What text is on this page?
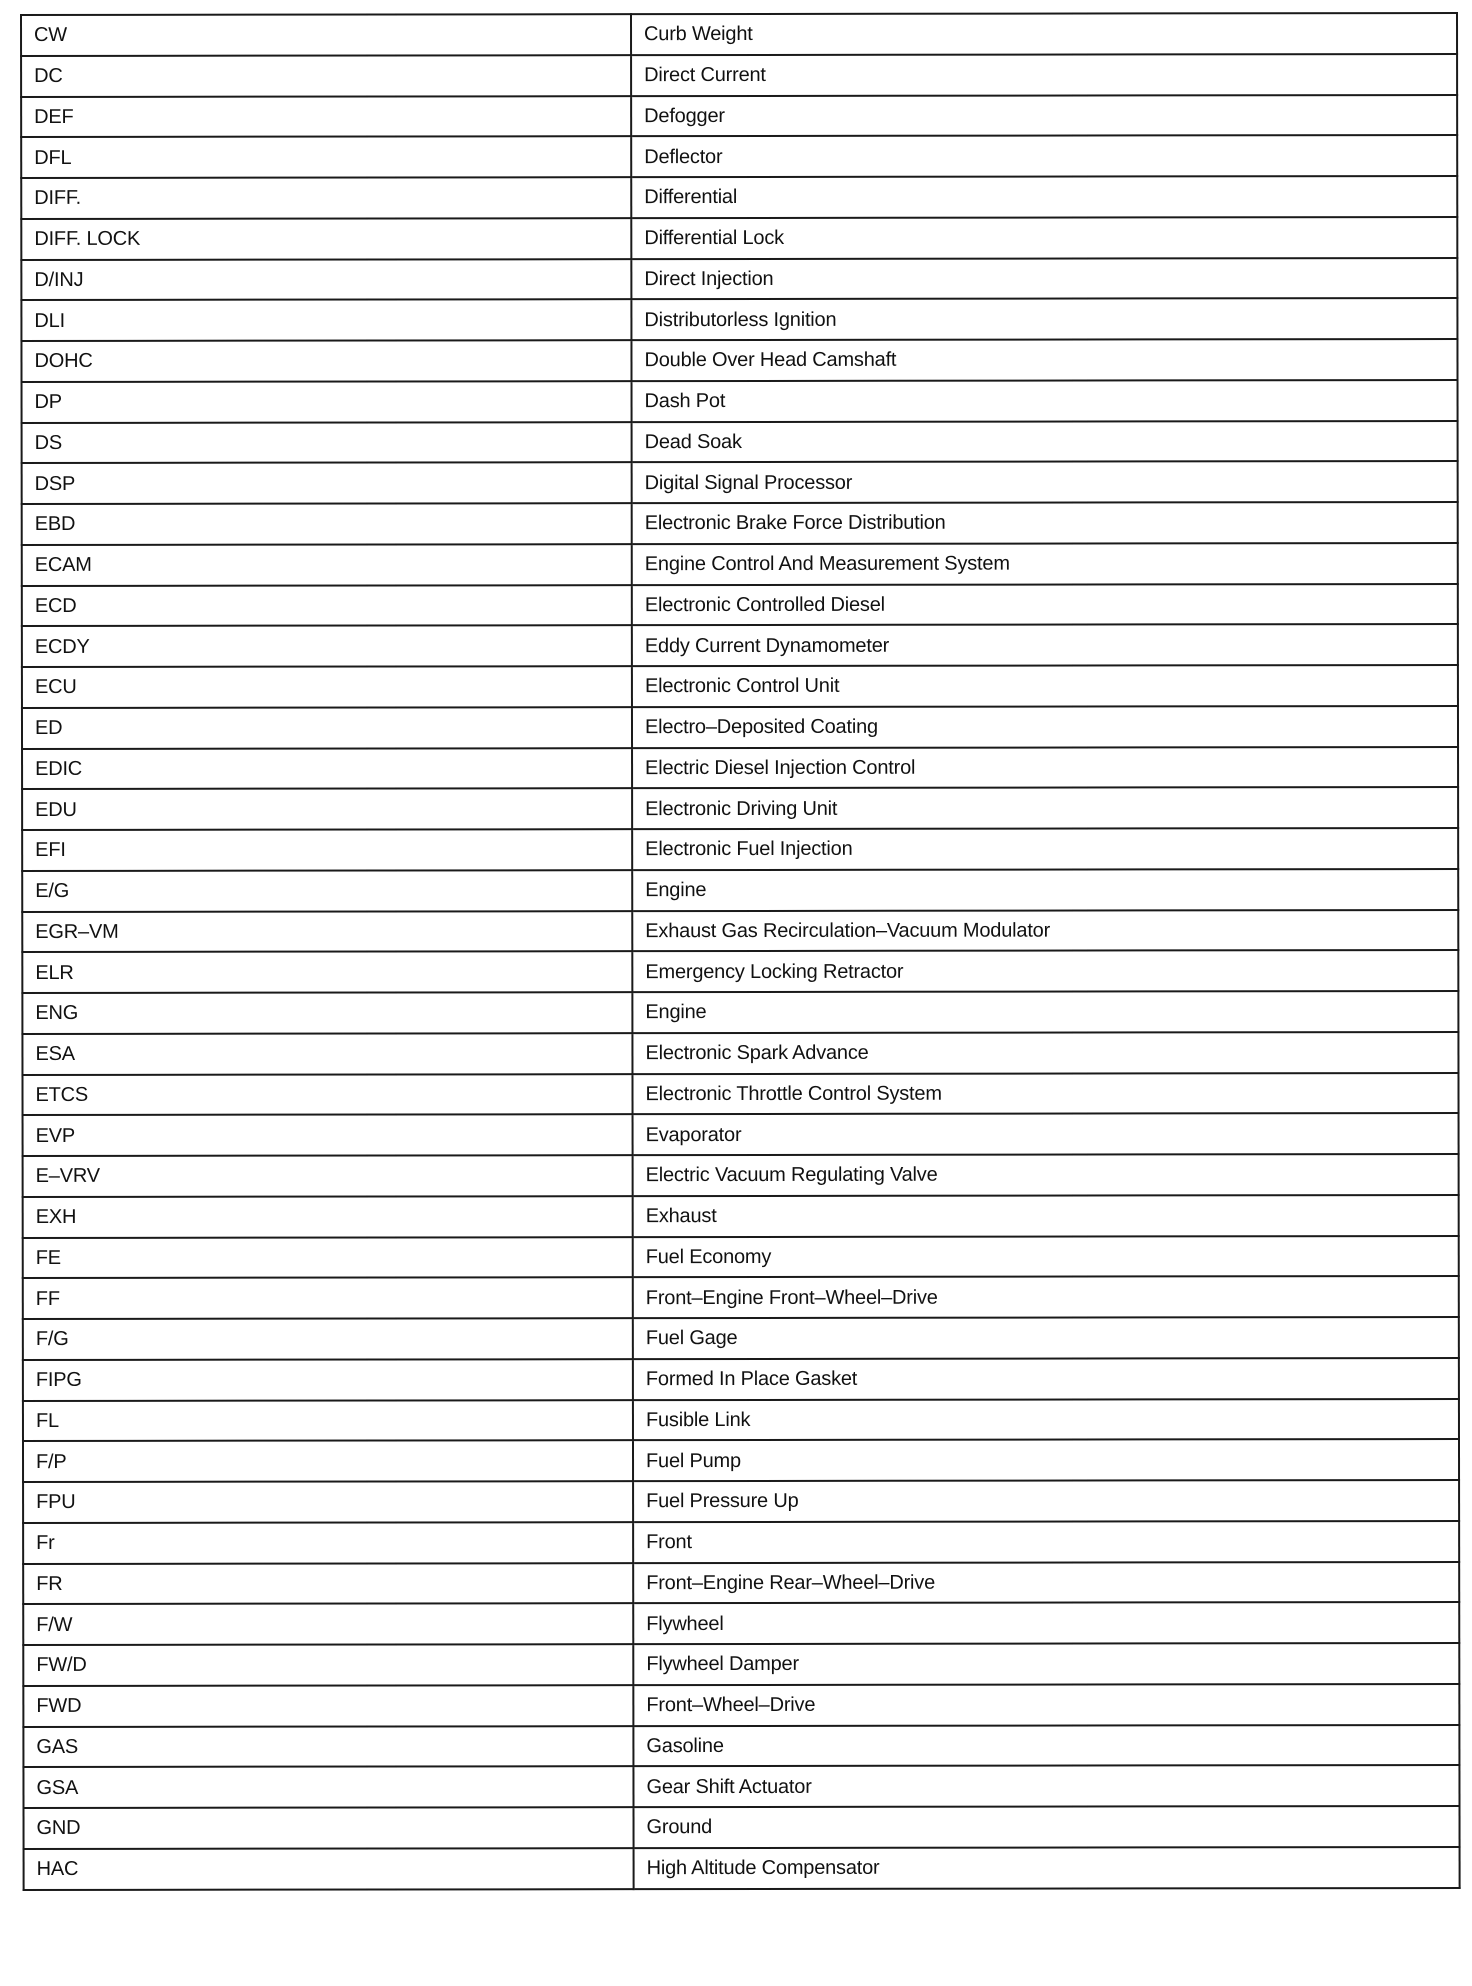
CW	Curb Weight
DC	Direct Current
DEF	Defogger
DFL	Deflector
DIFF.	Differential
DIFF. LOCK	Differential Lock
D/INJ	Direct Injection
DLI	Distributorless Ignition
DOHC	Double Over Head Camshaft
DP	Dash Pot
DS	Dead Soak
DSP	Digital Signal Processor
EBD	Electronic Brake Force Distribution
ECAM	Engine Control And Measurement System
ECD	Electronic Controlled Diesel
ECDY	Eddy Current Dynamometer
ECU	Electronic Control Unit
ED	Electro–Deposited Coating
EDIC	Electric Diesel Injection Control
EDU	Electronic Driving Unit
EFI	Electronic Fuel Injection
E/G	Engine
EGR–VM	Exhaust Gas Recirculation–Vacuum Modulator
ELR	Emergency Locking Retractor
ENG	Engine
ESA	Electronic Spark Advance
ETCS	Electronic Throttle Control System
EVP	Evaporator
E–VRV	Electric Vacuum Regulating Valve
EXH	Exhaust
FE	Fuel Economy
FF	Front–Engine Front–Wheel–Drive
F/G	Fuel Gage
FIPG	Formed In Place Gasket
FL	Fusible Link
F/P	Fuel Pump
FPU	Fuel Pressure Up
Fr	Front
FR	Front–Engine Rear–Wheel–Drive
F/W	Flywheel
FW/D	Flywheel Damper
FWD	Front–Wheel–Drive
GAS	Gasoline
GSA	Gear Shift Actuator
GND	Ground
HAC	High Altitude Compensator
